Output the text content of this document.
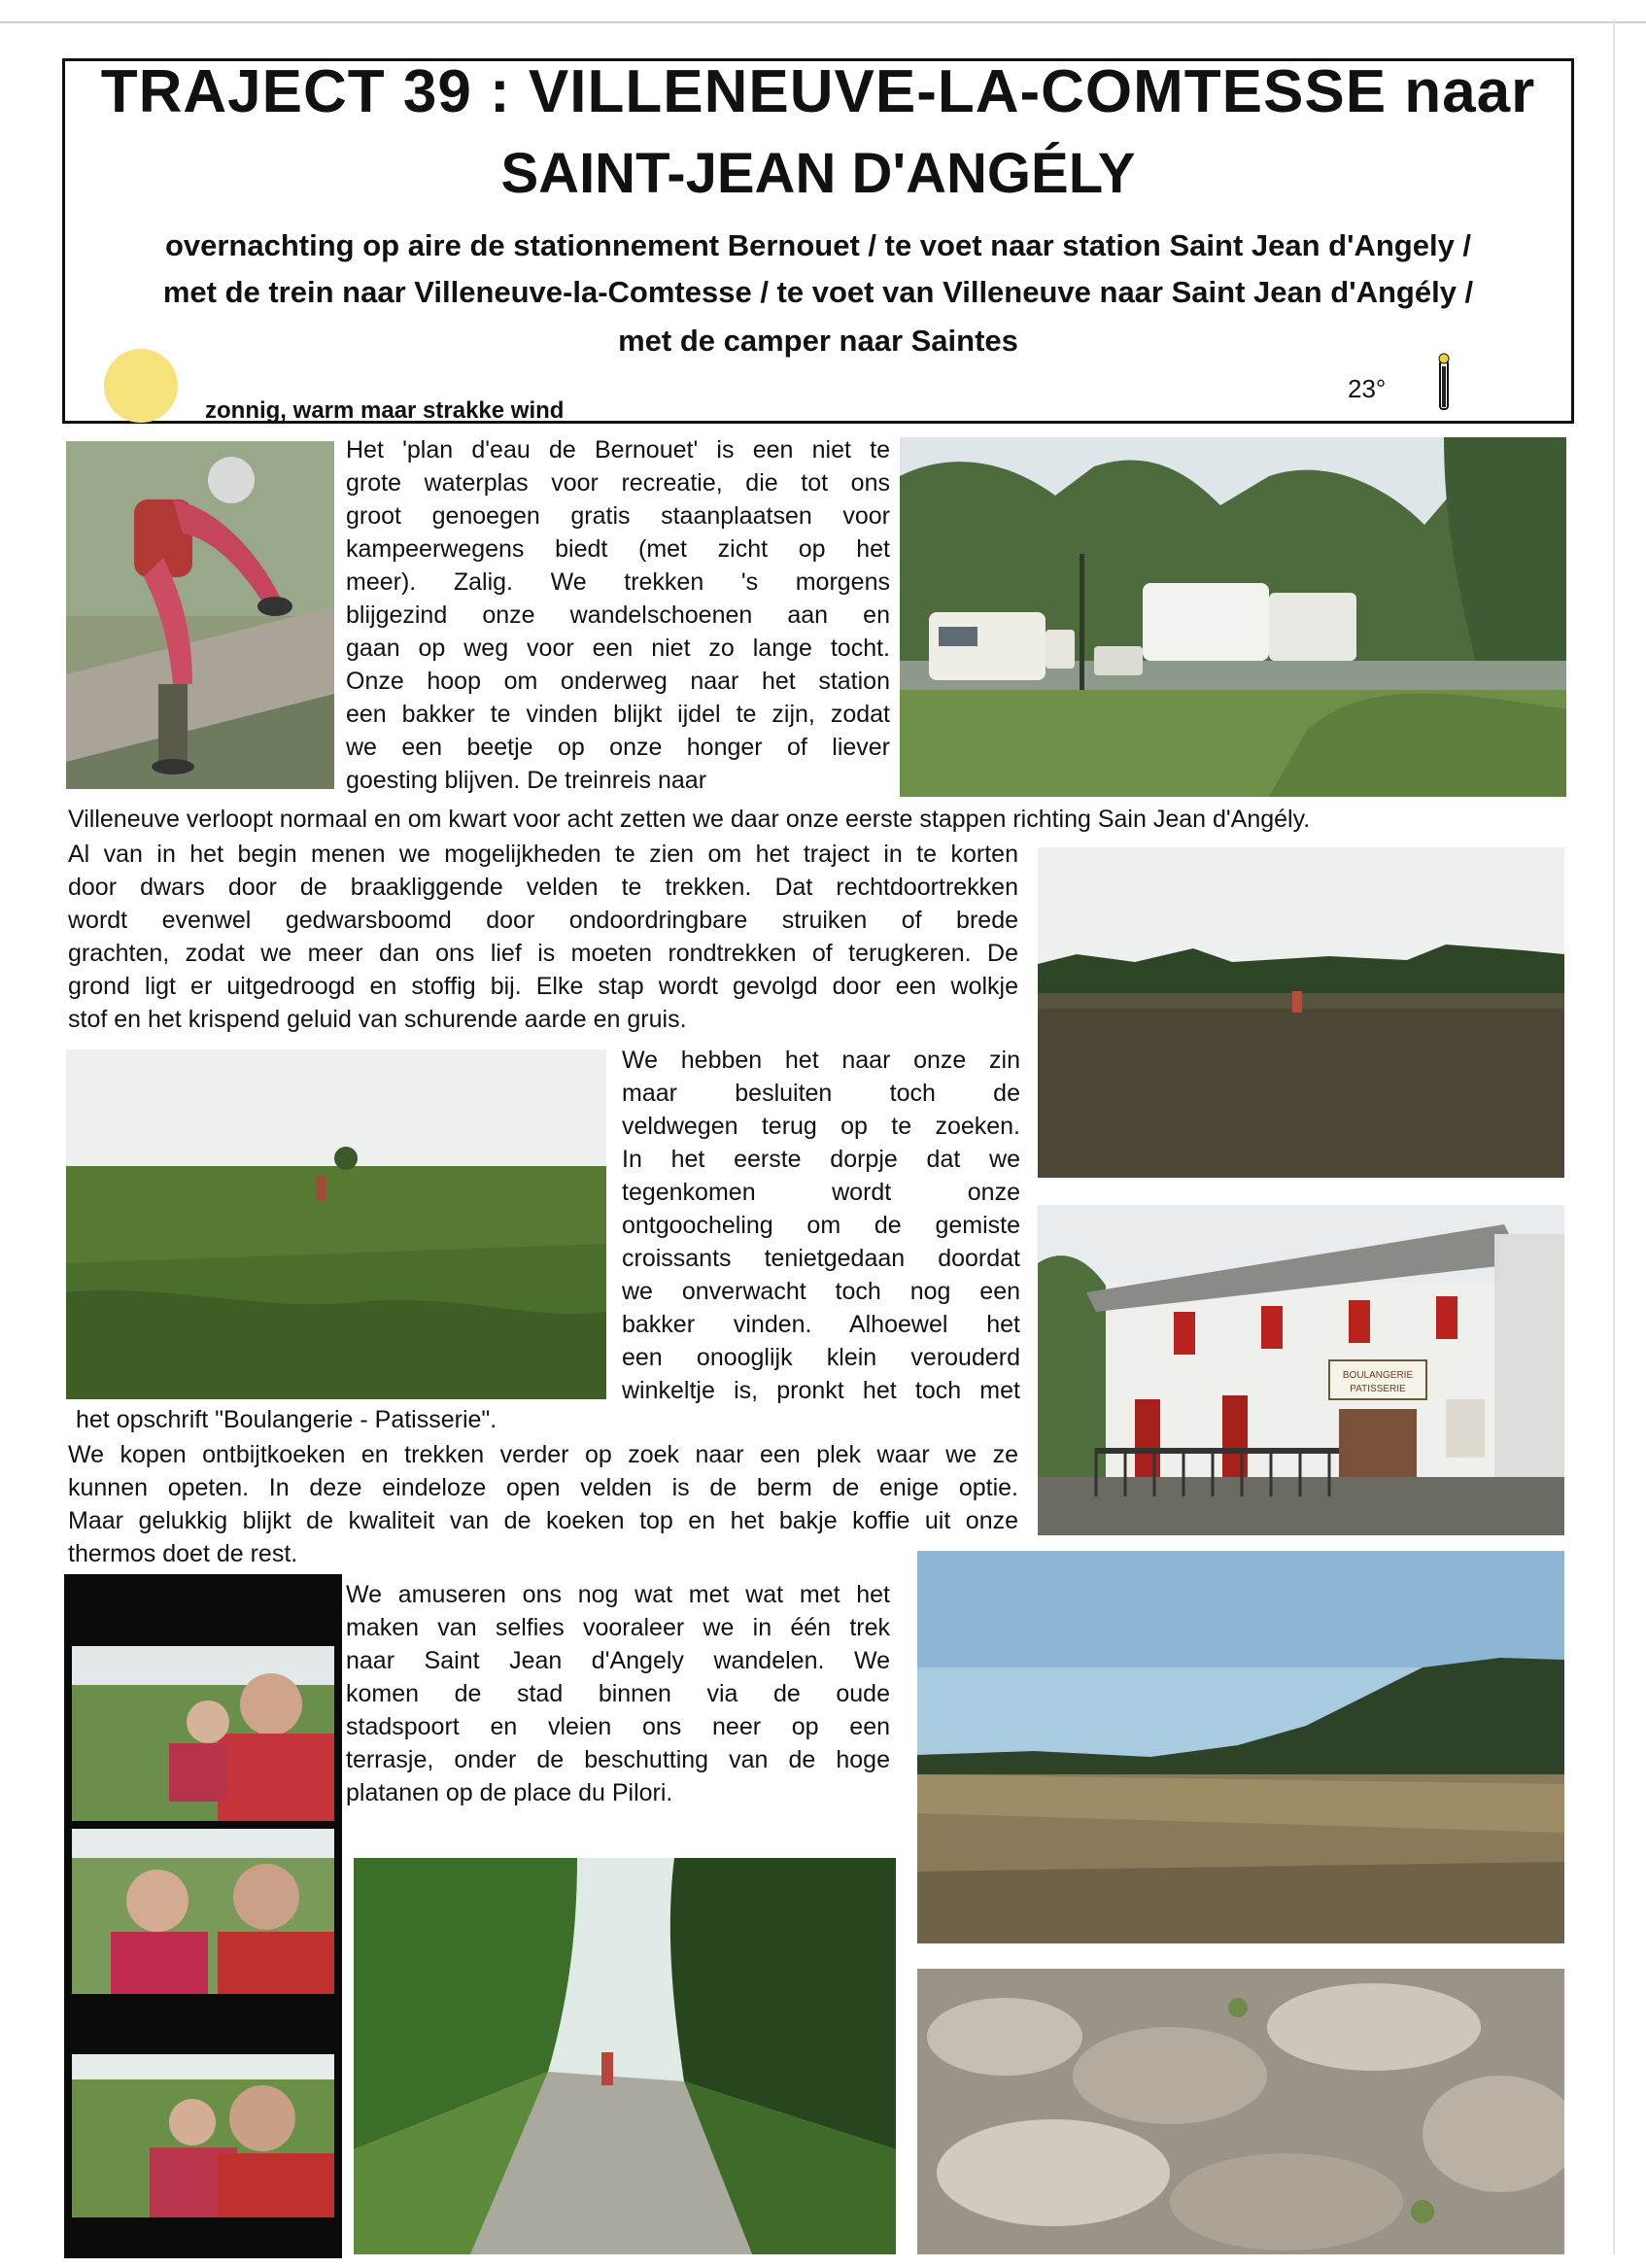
TRAJECT 39 : VILLENEUVE-LA-COMTESSE naar
SAINT-JEAN D'ANGÉLY
overnachting op aire de stationnement Bernouet / te voet naar station Saint Jean d'Angely /
met de trein naar Villeneuve-la-Comtesse / te voet van Villeneuve naar Saint Jean d'Angély /
met de camper naar Saintes
zonnig, warm maar strakke wind
23°
Het 'plan d'eau de Bernouet' is een niet te
grote waterplas voor recreatie, die tot ons
groot genoegen gratis staanplaatsen voor
kampeerwegens biedt (met zicht op het
meer). Zalig. We trekken 's morgens
blijgezind onze wandelschoenen aan en
gaan op weg voor een niet zo lange tocht.
Onze hoop om onderweg naar het station
een bakker te vinden blijkt ijdel te zijn, zodat
we een beetje op onze honger of liever
goesting blijven. De treinreis naar
Villeneuve verloopt normaal en om kwart voor acht zetten we daar onze eerste stappen richting Sain Jean d'Angély.
Al van in het begin menen we mogelijkheden te zien om het traject in te korten
door dwars door de braakliggende velden te trekken. Dat rechtdoortrekken
wordt evenwel gedwarsboomd door ondoordringbare struiken of brede
grachten, zodat we meer dan ons lief is moeten rondtrekken of terugkeren. De
grond ligt er uitgedroogd en stoffig bij. Elke stap wordt gevolgd door een wolkje
stof en het krispend geluid van schurende aarde en gruis.
We hebben het naar onze zin
maar besluiten toch de
veldwegen terug op te zoeken.
In het eerste dorpje dat we
tegenkomen wordt onze
ontgoocheling om de gemiste
croissants tenietgedaan doordat
we onverwacht toch nog een
bakker vinden. Alhoewel het
een onooglijk klein verouderd
winkeltje is, pronkt het toch met
BOULANGERIE
PATISSERIE
het opschrift "Boulangerie - Patisserie".
We kopen ontbijtkoeken en trekken verder op zoek naar een plek waar we ze
kunnen opeten. In deze eindeloze open velden is de berm de enige optie.
Maar gelukkig blijkt de kwaliteit van de koeken top en het bakje koffie uit onze
thermos doet de rest.
We amuseren ons nog wat met wat met het
maken van selfies vooraleer we in één trek
naar Saint Jean d'Angely wandelen. We
komen de stad binnen via de oude
stadspoort en vleien ons neer op een
terrasje, onder de beschutting van de hoge
platanen op de place du Pilori.
